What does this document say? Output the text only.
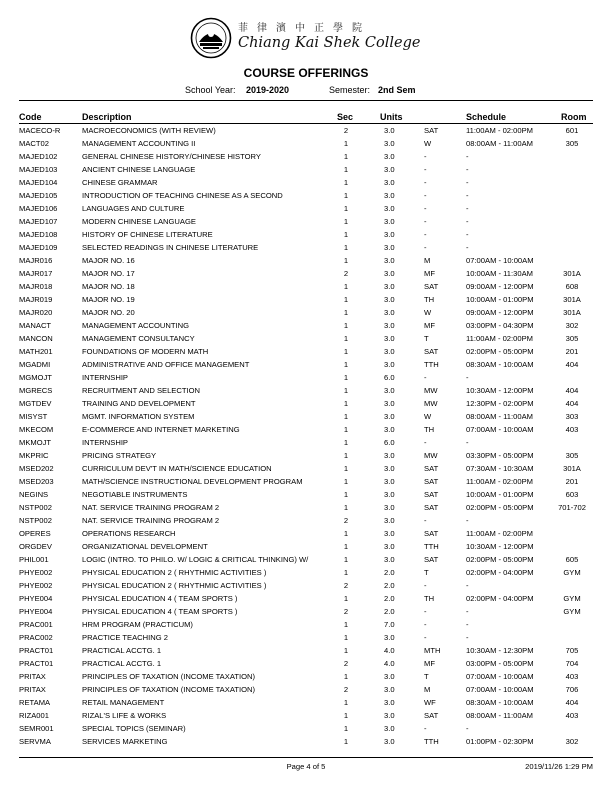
菲律濱中正學院
Chiang Kai Shek College
COURSE OFFERINGS
School Year: 2019-2020	Semester: 2nd Sem
Code	Description	Sec	Units	Schedule	Room
MACECO-R	MACROECONOMICS (WITH REVIEW)	2	3.0	SAT	11:00AM - 02:00PM	601
MACT02	MANAGEMENT ACCOUNTING II	1	3.0	W	08:00AM - 11:00AM	305
MAJED102	GENERAL CHINESE HISTORY/CHINESE HISTORY	1	3.0	-	-
MAJED103	ANCIENT CHINESE LANGUAGE	1	3.0	-	-
MAJED104	CHINESE GRAMMAR	1	3.0	-	-
MAJED105	INTRODUCTION OF TEACHING CHINESE AS A SECOND	1	3.0	-	-
MAJED106	LANGUAGES AND CULTURE	1	3.0	-	-
MAJED107	MODERN CHINESE LANGUAGE	1	3.0	-	-
MAJED108	HISTORY OF CHINESE LITERATURE	1	3.0	-	-
MAJED109	SELECTED READINGS IN CHINESE LITERATURE	1	3.0	-	-
MAJR016	MAJOR NO. 16	1	3.0	M	07:00AM - 10:00AM
MAJR017	MAJOR NO. 17	2	3.0	MF	10:00AM - 11:30AM	301A
MAJR018	MAJOR NO. 18	1	3.0	SAT	09:00AM - 12:00PM	608
MAJR019	MAJOR NO. 19	1	3.0	TH	10:00AM - 01:00PM	301A
MAJR020	MAJOR NO. 20	1	3.0	W	09:00AM - 12:00PM	301A
MANACT	MANAGEMENT ACCOUNTING	1	3.0	MF	03:00PM - 04:30PM	302
MANCON	MANAGEMENT CONSULTANCY	1	3.0	T	11:00AM - 02:00PM	305
MATH201	FOUNDATIONS OF MODERN MATH	1	3.0	SAT	02:00PM - 05:00PM	201
MGADMI	ADMINISTRATIVE AND OFFICE MANAGEMENT	1	3.0	TTH	08:30AM - 10:00AM	404
MGMOJT	INTERNSHIP	1	6.0	-	-
MGRECS	RECRUITMENT AND SELECTION	1	3.0	MW	10:30AM - 12:00PM	404
MGTDEV	TRAINING AND DEVELOPMENT	1	3.0	MW	12:30PM - 02:00PM	404
MISYST	MGMT. INFORMATION SYSTEM	1	3.0	W	08:00AM - 11:00AM	303
MKECOM	E-COMMERCE AND INTERNET MARKETING	1	3.0	TH	07:00AM - 10:00AM	403
MKMOJT	INTERNSHIP	1	6.0	-	-
MKPRIC	PRICING STRATEGY	1	3.0	MW	03:30PM - 05:00PM	305
MSED202	CURRICULUM DEV'T IN MATH/SCIENCE EDUCATION	1	3.0	SAT	07:30AM - 10:30AM	301A
MSED203	MATH/SCIENCE INSTRUCTIONAL DEVELOPMENT PROGRAM	1	3.0	SAT	11:00AM - 02:00PM	201
NEGINS	NEGOTIABLE INSTRUMENTS	1	3.0	SAT	10:00AM - 01:00PM	603
NSTP002	NAT. SERVICE TRAINING PROGRAM 2	1	3.0	SAT	02:00PM - 05:00PM	701-702
NSTP002	NAT. SERVICE TRAINING PROGRAM 2	2	3.0	-	-
OPERES	OPERATIONS RESEARCH	1	3.0	SAT	11:00AM - 02:00PM
ORGDEV	ORGANIZATIONAL DEVELOPMENT	1	3.0	TTH	10:30AM - 12:00PM
PHIL001	LOGIC (INTRO. TO PHILO. W/ LOGIC & CRITICAL THINKING) W/	1	3.0	SAT	02:00PM - 05:00PM	605
PHYE002	PHYSICAL EDUCATION 2 ( RHYTHMIC ACTIVITIES )	1	2.0	T	02:00PM - 04:00PM	GYM
PHYE002	PHYSICAL EDUCATION 2 ( RHYTHMIC ACTIVITIES )	2	2.0	-	-
PHYE004	PHYSICAL EDUCATION 4 ( TEAM SPORTS )	1	2.0	TH	02:00PM - 04:00PM	GYM
PHYE004	PHYSICAL EDUCATION 4 ( TEAM SPORTS )	2	2.0	-	-	GYM
PRAC001	HRM PROGRAM (PRACTICUM)	1	7.0	-	-
PRAC002	PRACTICE TEACHING 2	1	3.0	-	-
PRACT01	PRACTICAL ACCTG. 1	1	4.0	MTH	10:30AM - 12:30PM	705
PRACT01	PRACTICAL ACCTG. 1	2	4.0	MF	03:00PM - 05:00PM	704
PRITAX	PRINCIPLES OF TAXATION (INCOME TAXATION)	1	3.0	T	07:00AM - 10:00AM	403
PRITAX	PRINCIPLES OF TAXATION (INCOME TAXATION)	2	3.0	M	07:00AM - 10:00AM	706
RETAMA	RETAIL MANAGEMENT	1	3.0	WF	08:30AM - 10:00AM	404
RIZA001	RIZAL'S LIFE & WORKS	1	3.0	SAT	08:00AM - 11:00AM	403
SEMR001	SPECIAL TOPICS (SEMINAR)	1	3.0	-	-
SERVMA	SERVICES MARKETING	1	3.0	TTH	01:00PM - 02:30PM	302
Page 4 of 5	2019/11/26 1:29 PM
